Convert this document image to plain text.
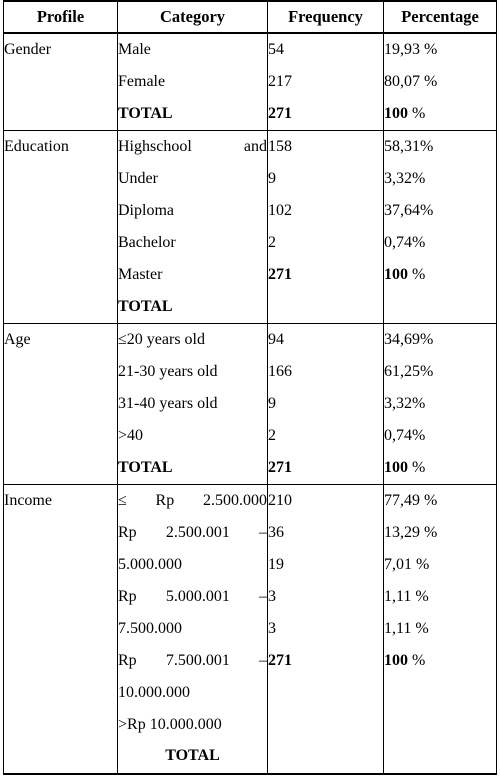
Profile	Category	Frequency	Percentage
Gender	Male	54	19,93 %
	Female	217	80,07 %
	TOTAL	271	100 %
Education	Highschool and	158	58,31%
	Under	9	3,32%
	Diploma	102	37,64%
	Bachelor	2	0,74%
	Master	271	100 %
	TOTAL		
Age	≤20 years old	94	34,69%
	21-30 years old	166	61,25%
	31-40 years old	9	3,32%
	>40	2	0,74%
	TOTAL	271	100 %
Income	≤ Rp 2.500.000	210	77,49 %
	Rp 2.500.001 –	36	13,29 %
	5.000.000	19	7,01 %
	Rp 5.000.001 –	3	1,11 %
	7.500.000	3	1,11 %
	Rp 7.500.001 –	271	100 %
	10.000.000		
	>Rp 10.000.000		
	TOTAL		
